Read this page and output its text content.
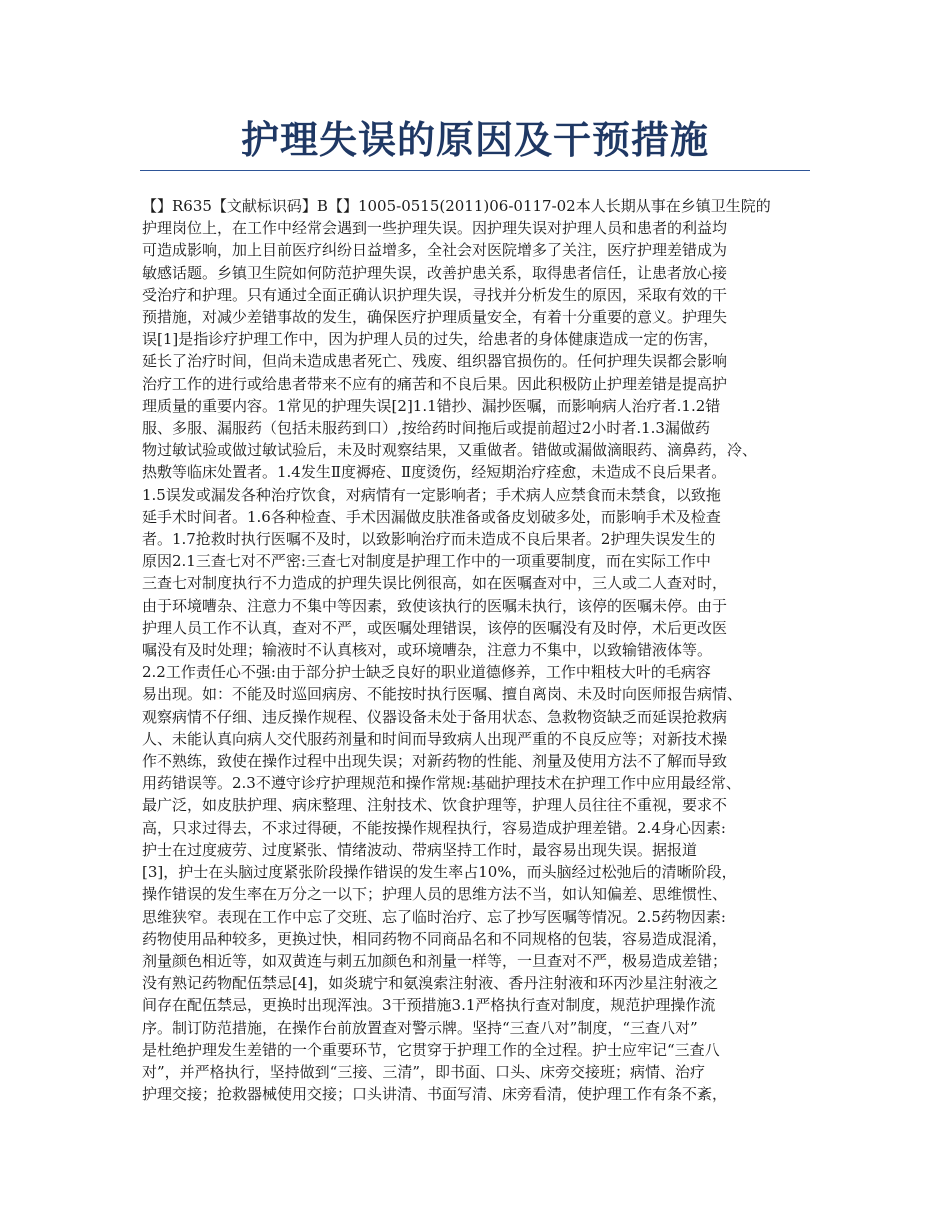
护理失误的原因及干预措施

【】R635【文献标识码】B【】1005-0515(2011)06-0117-02本人长期从事在乡镇卫生院的
护理岗位上，在工作中经常会遇到一些护理失误。因护理失误对护理人员和患者的利益均
可造成影响，加上目前医疗纠纷日益增多，全社会对医院增多了关注，医疗护理差错成为
敏感话题。乡镇卫生院如何防范护理失误，改善护患关系，取得患者信任，让患者放心接
受治疗和护理。只有通过全面正确认识护理失误，寻找并分析发生的原因，采取有效的干
预措施，对减少差错事故的发生，确保医疗护理质量安全，有着十分重要的意义。护理失
误[1]是指诊疗护理工作中，因为护理人员的过失，给患者的身体健康造成一定的伤害，
延长了治疗时间，但尚未造成患者死亡、残废、组织器官损伤的。任何护理失误都会影响
治疗工作的进行或给患者带来不应有的痛苦和不良后果。因此积极防止护理差错是提高护
理质量的重要内容。1常见的护理失误[2]1.1错抄、漏抄医嘱，而影响病人治疗者.1.2错
服、多服、漏服药（包括未服药到口）,按给药时间拖后或提前超过2小时者.1.3漏做药
物过敏试验或做过敏试验后，未及时观察结果，又重做者。错做或漏做滴眼药、滴鼻药，冷、
热敷等临床处置者。1.4发生Ⅱ度褥疮、Ⅱ度烫伤，经短期治疗痊愈，未造成不良后果者。
1.5误发或漏发各种治疗饮食，对病情有一定影响者；手术病人应禁食而未禁食，以致拖
延手术时间者。1.6各种检查、手术因漏做皮肤准备或备皮划破多处，而影响手术及检查
者。1.7抢救时执行医嘱不及时，以致影响治疗而未造成不良后果者。2护理失误发生的
原因2.1三查七对不严密:三查七对制度是护理工作中的一项重要制度，而在实际工作中
三查七对制度执行不力造成的护理失误比例很高，如在医嘱查对中，三人或二人查对时，
由于环境嘈杂、注意力不集中等因素，致使该执行的医嘱未执行，该停的医嘱未停。由于
护理人员工作不认真，查对不严，或医嘱处理错误，该停的医嘱没有及时停，术后更改医
嘱没有及时处理；输液时不认真核对，或环境嘈杂，注意力不集中，以致输错液体等。
2.2工作责任心不强:由于部分护士缺乏良好的职业道德修养，工作中粗枝大叶的毛病容
易出现。如：不能及时巡回病房、不能按时执行医嘱、擅自离岗、未及时向医师报告病情、
观察病情不仔细、违反操作规程、仪器设备未处于备用状态、急救物资缺乏而延误抢救病
人、未能认真向病人交代服药剂量和时间而导致病人出现严重的不良反应等；对新技术操
作不熟练，致使在操作过程中出现失误；对新药物的性能、剂量及使用方法不了解而导致
用药错误等。2.3不遵守诊疗护理规范和操作常规:基础护理技术在护理工作中应用最经常、
最广泛，如皮肤护理、病床整理、注射技术、饮食护理等，护理人员往往不重视，要求不
高，只求过得去，不求过得硬，不能按操作规程执行，容易造成护理差错。2.4身心因素:
护士在过度疲劳、过度紧张、情绪波动、带病坚持工作时，最容易出现失误。据报道
[3]，护士在头脑过度紧张阶段操作错误的发生率占10%，而头脑经过松弛后的清晰阶段，
操作错误的发生率在万分之一以下；护理人员的思维方法不当，如认知偏差、思维惯性、
思维狭窄。表现在工作中忘了交班、忘了临时治疗、忘了抄写医嘱等情况。2.5药物因素:
药物使用品种较多，更换过快，相同药物不同商品名和不同规格的包装，容易造成混淆，
剂量颜色相近等，如双黄连与刺五加颜色和剂量一样等，一旦查对不严，极易造成差错；
没有熟记药物配伍禁忌[4]，如炎琥宁和氨溴索注射液、香丹注射液和环丙沙星注射液之
间存在配伍禁忌，更换时出现浑浊。3干预措施3.1严格执行查对制度，规范护理操作流
序。制订防范措施，在操作台前放置查对警示牌。坚持“三查八对”制度，“三查八对”
是杜绝护理发生差错的一个重要环节，它贯穿于护理工作的全过程。护士应牢记“三查八
对”，并严格执行，坚持做到“三接、三清”，即书面、口头、床旁交接班；病情、治疗
护理交接；抢救器械使用交接；口头讲清、书面写清、床旁看清，使护理工作有条不紊，
